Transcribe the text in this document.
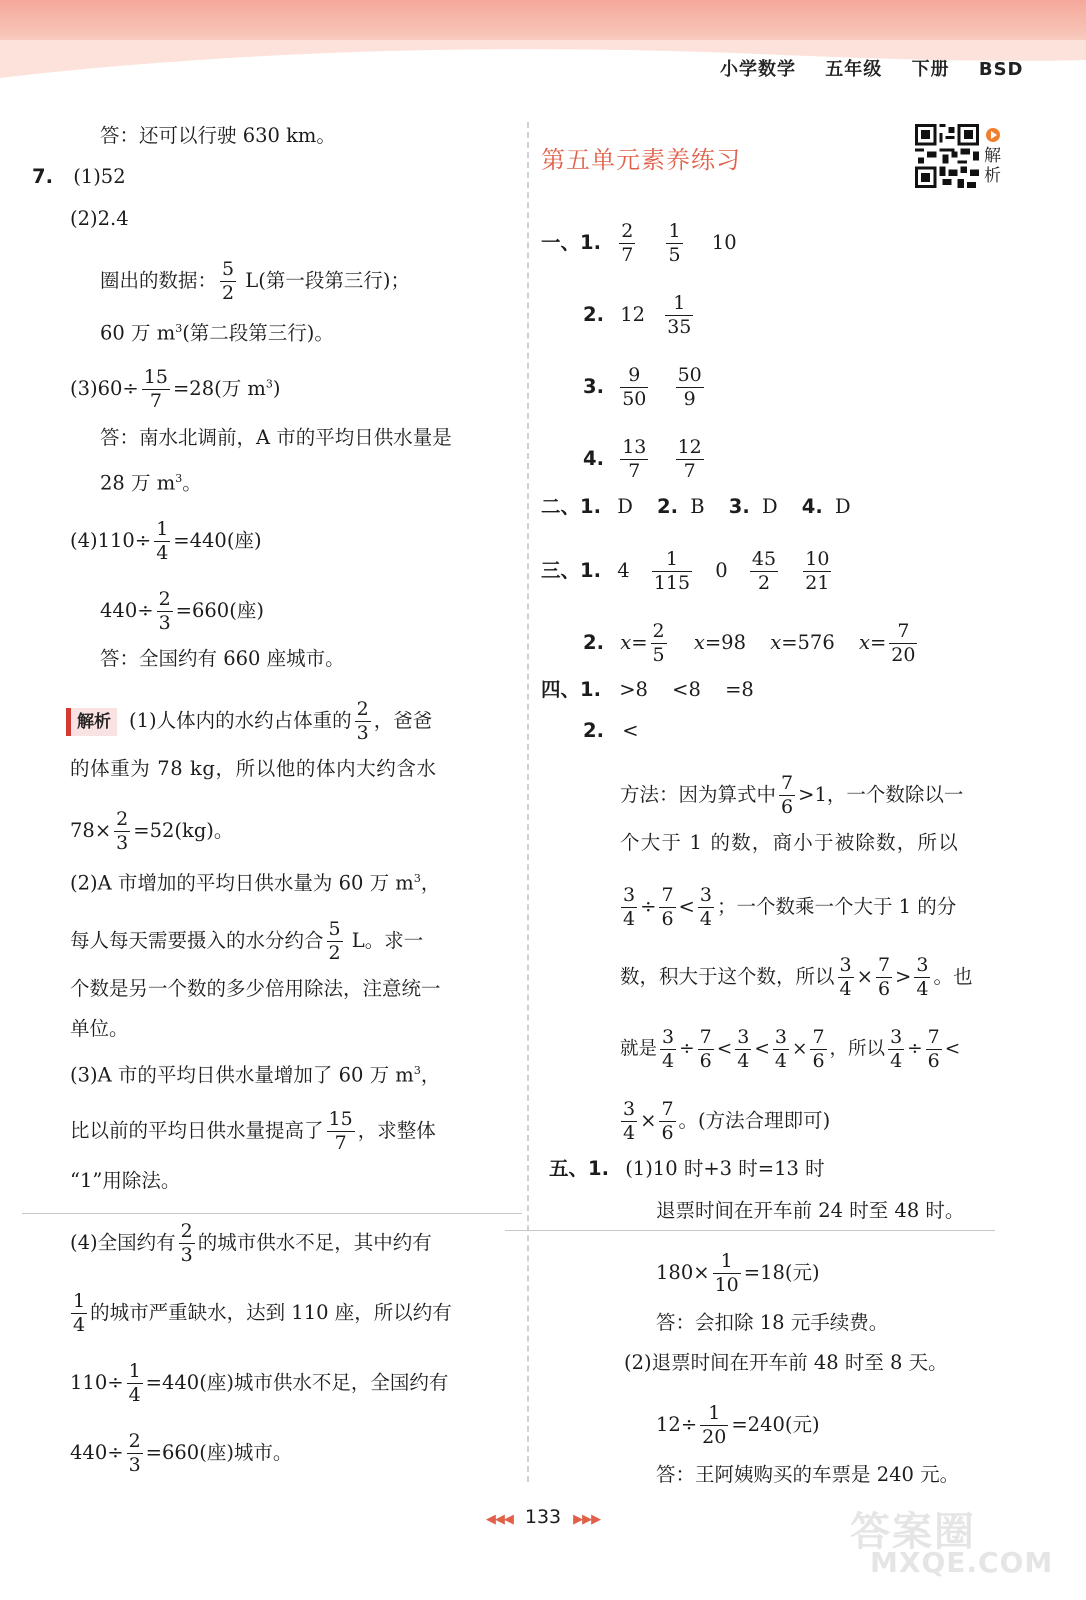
小学数学 五年级 下册 BSD
答：还可以行驶 630 km。
7. (1)52
(2)2.4
圈出的数据： $\frac{5}{2} L$(第一段第三行)；
60 万 $m^3$(第二段第三行)。
$(3)60\div \frac{15}{7} =28$(万 $m^3$)
答：南水北调前，A 市的平均日供水量是
28 万 $m^3$。
$(4)110\div \frac{1}{4} =440$(座)
$440\div \frac{2}{3} =660$(座)
答：全国约有 660 座城市。
解析 (1)人体内的水约占体重的 $\frac{2}{3}$ ，爸爸
的体重为 78 kg，所以他的体内大约含水
$78\times \frac{2}{3} =52(kg)$。
(2)A 市增加的平均日供水量为 60 万 $m^3$，
每人每天需要摄入的水分约合 $\frac{5}{2}$ L。求一
个数是另一个数的多少倍用除法，注意统一
单位。
(3)A 市的平均日供水量增加了 60 万 $m^3$，
比以前的平均日供水量提高了 $\frac{15}{7}$ ，求整体
“1”用除法。
(4)全国约有 $\frac{2}{3}$ 的城市供水不足，其中约有
$\frac{1}{4}$ 的城市严重缺水，达到 110 座，所以约有
$110\div \frac{1}{4} =440$(座)城市供水不足，全国约有
$440\div \frac{2}{3} =660$(座)城市。
第五单元素养练习	解析
一、1. $\frac{2}{7}$
$\frac{1}{5} 10$
2. $12 \frac{1}{35}$
3. $\frac{9}{50}$
$\frac{50}{9}$
4. $\frac{13}{7}$
$\frac{12}{7}$
二、1. D 2. B 3. D 4. D
三、1. $4 \frac{1}{115} 0 \frac{45}{2}$
$\frac{10}{21}$
2. $x= \frac{2}{5} x=98$ x=576 $x= \frac{7}{20}$
四、1. >8 <8 =8
2. <
方法：因为算式中 $\frac{7}{6} >1$，一个数除以一
个大于 1 的数，商小于被除数，所以
$\frac{3}{4} \div \frac{7}{6} < \frac{3}{4}$ ；一个数乘一个大于 1 的分
数，积大于这个数，所以 $\frac{3}{4} \times \frac{7}{6} > \frac{3}{4}$ 。也
就是 $\frac{3}{4} \div \frac{7}{6} < \frac{3}{4} < \frac{3}{4} \times \frac{7}{6}$ ，所以 $\frac{3}{4} \div \frac{7}{6}$ <
$\frac{3}{4} \times \frac{7}{6}$ 。(方法合理即可)
五、1. (1)10 时+3 时=13 时
退票时间在开车前 24 时至 48 时。
$180\times \frac{1}{10} =18$(元)
答：会扣除 18 元手续费。
(2)退票时间在开车前 48 时至 8 天。
$12\div \frac{1}{20} =240$(元)
答：王阿姨购买的车票是 240 元。
◀◀◀ 133 ▶▶▶	答案圈
MXQE.COM
